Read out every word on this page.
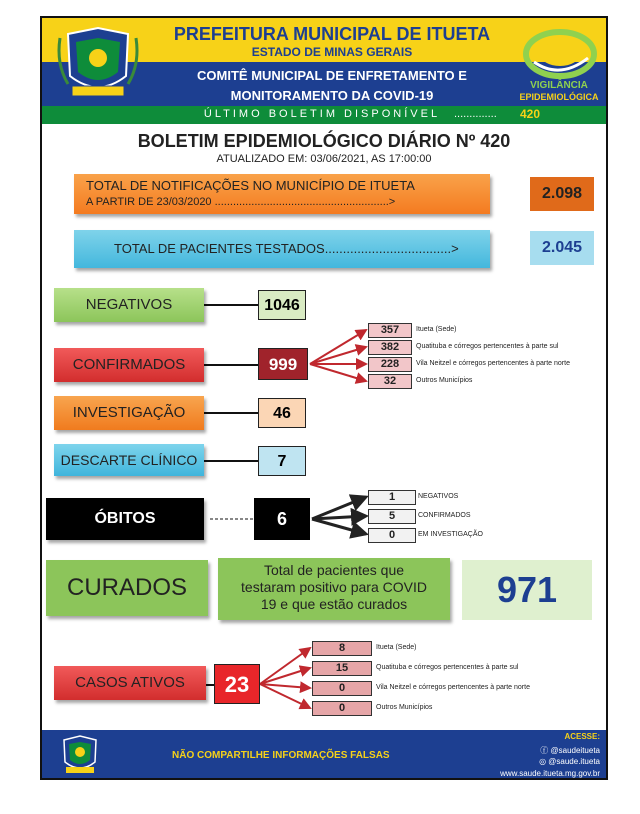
PREFEITURA MUNICIPAL DE ITUETA
ESTADO DE MINAS GERAIS
COMITÊ MUNICIPAL DE ENFRETAMENTO E
MONITORAMENTO DA COVID-19
ÚLTIMO BOLETIM DISPONÍVEL	..............	420
VIGILÂNCIA
EPIDEMIOLÓGICA
BOLETIM EPIDEMIOLÓGICO DIÁRIO Nº 420
ATUALIZADO EM: 03/06/2021, AS 17:00:00
TOTAL DE NOTIFICAÇÕES NO MUNICÍPIO DE ITUETA
A PARTIR DE 23/03/2020 .........................................................>	2.098
TOTAL DE PACIENTES TESTADOS...................................>	2.045
NEGATIVOS	1046
CONFIRMADOS	999
357	Itueta (Sede)
382	Quatituba e córregos pertencentes à parte sul
228	Vila Neitzel e córregos pertencentes à parte norte
32	Outros Municípios
INVESTIGAÇÃO	46
DESCARTE CLÍNICO	7
ÓBITOS	6
1	NEGATIVOS
5	CONFIRMADOS
0	EM INVESTIGAÇÃO
CURADOS
Total de pacientes que
testaram positivo para COVID
19 e que estão curados	971
CASOS ATIVOS	23
8	Itueta (Sede)
15	Quatituba e córregos pertencentes à parte sul
0	Vila Neitzel e córregos pertencentes à parte norte
0	Outros Municípios
NÃO COMPARTILHE INFORMAÇÕES FALSAS
ACESSE:
ⓕ @saudeitueta
◎ @saude.itueta
www.saude.itueta.mg.gov.br
